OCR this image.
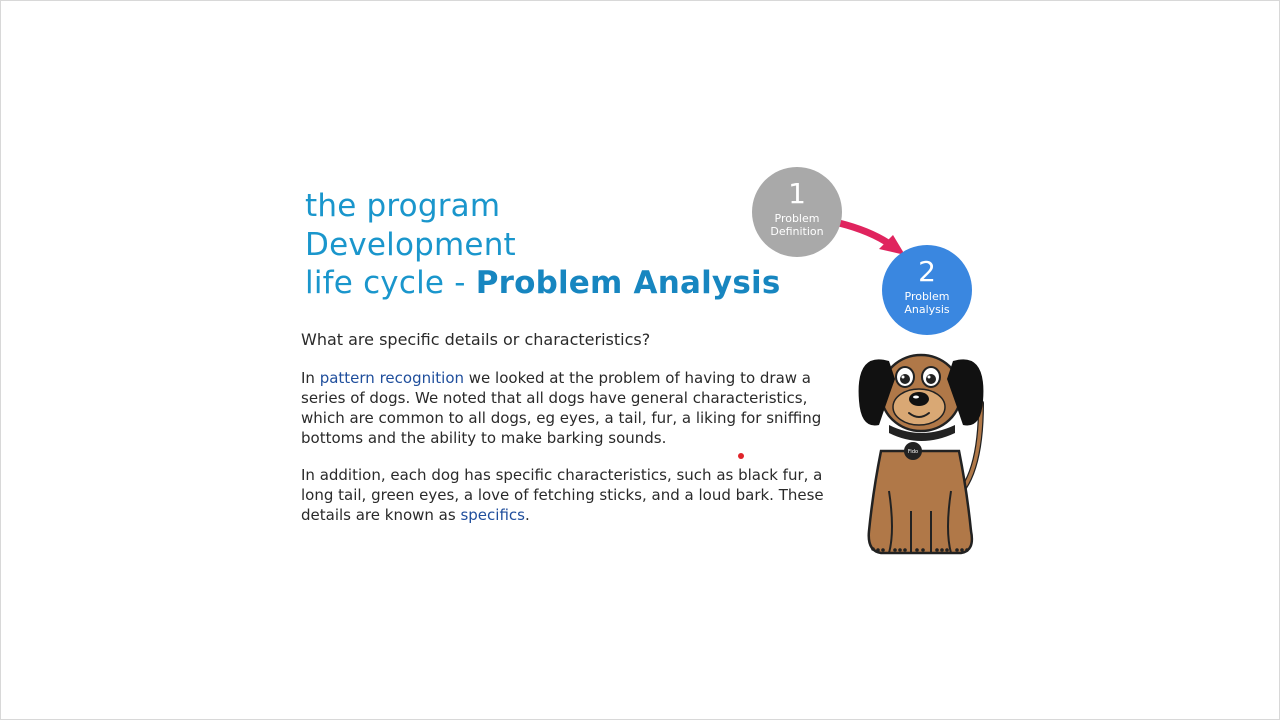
the program
Development
life cycle - Problem Analysis
What are specific details or characteristics?
In pattern recognition we looked at the problem of having to draw a series of dogs. We noted that all dogs have general characteristics, which are common to all dogs, eg eyes, a tail, fur, a liking for sniffing bottoms and the ability to make barking sounds.
In addition, each dog has specific characteristics, such as black fur, a long tail, green eyes, a love of fetching sticks, and a loud bark. These details are known as specifics.
1
Problem
Definition
2
Problem
Analysis
Fido
